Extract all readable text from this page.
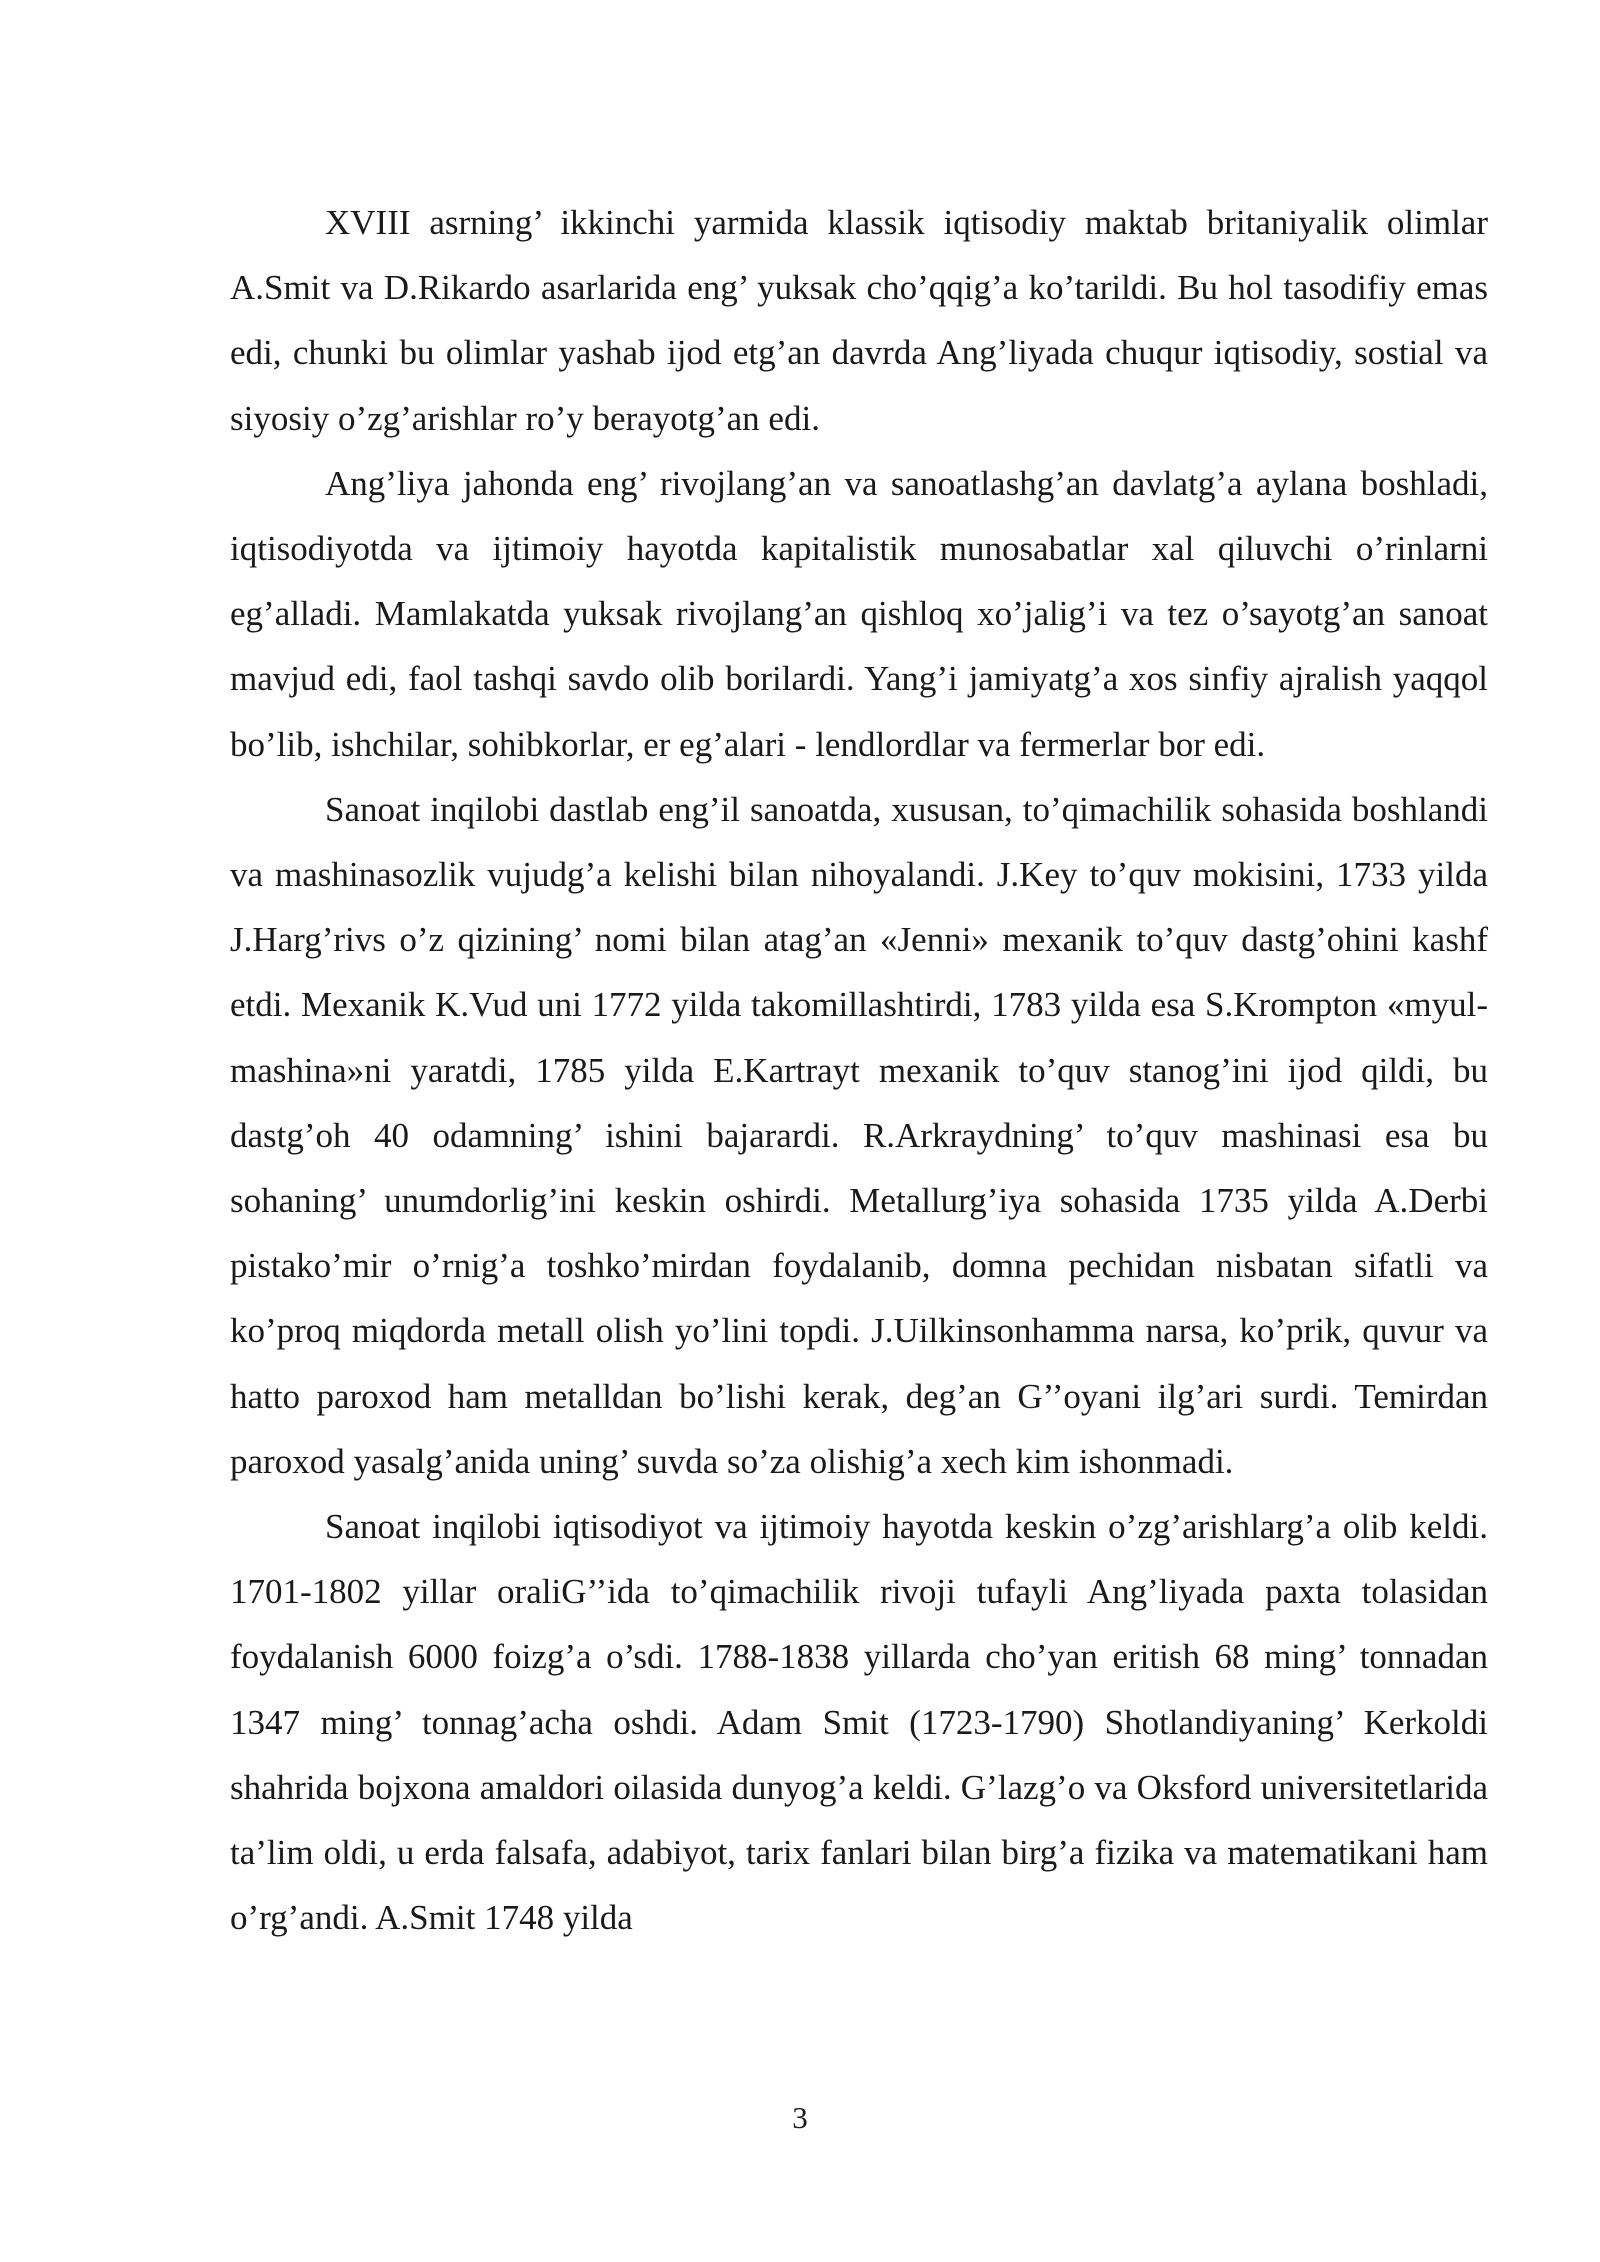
XVIII asrning’ ikkinchi yarmida klassik iqtisodiy maktab britaniyalik olimlar A.Smit va D.Rikardo asarlarida eng’ yuksak cho’qqig’a ko’tarildi. Bu hol tasodifiy emas edi, chunki bu olimlar yashab ijod etg’an davrda Ang’liyada chuqur iqtisodiy, sostial va siyosiy o’zg’arishlar ro’y berayotg’an edi.

Ang’liya jahonda eng’ rivojlang’an va sanoatlashg’an davlatg’a aylana boshladi, iqtisodiyotda va ijtimoiy hayotda kapitalistik munosabatlar xal qiluvchi o’rinlarni eg’alladi. Mamlakatda yuksak rivojlang’an qishloq xo’jalig’i va tez o’sayotg’an sanoat mavjud edi, faol tashqi savdo olib borilardi. Yang’i jamiyatg’a xos sinfiy ajralish yaqqol bo’lib, ishchilar, sohibkorlar, er eg’alari - lendlordlar va fermerlar bor edi.

Sanoat inqilobi dastlab eng’il sanoatda, xususan, to’qimachilik sohasida boshlandi va mashinasozlik vujudg’a kelishi bilan nihoyalandi. J.Key to’quv mokisini, 1733 yilda J.Harg’rivs o’z qizining’ nomi bilan atag’an «Jenni» mexanik to’quv dastg’ohini kashf etdi. Mexanik K.Vud uni 1772 yilda takomillashtirdi, 1783 yilda esa S.Krompton «myul-mashina»ni yaratdi, 1785 yilda E.Kartrayt mexanik to’quv stanog’ini ijod qildi, bu dastg’oh 40 odamning’ ishini bajarardi. R.Arkraydning’ to’quv mashinasi esa bu sohaning’ unumdorlig’ini keskin oshirdi. Metallurg’iya sohasida 1735 yilda A.Derbi pistako’mir o’rnig’a toshko’mirdan foydalanib, domna pechidan nisbatan sifatli va ko’proq miqdorda metall olish yo’lini topdi. J.Uilkinsonhamma narsa, ko’prik, quvur va hatto paroxod ham metalldan bo’lishi kerak, deg’an G’’oyani ilg’ari surdi. Temirdan paroxod yasalg’anida uning’ suvda so’za olishig’a xech kim ishonmadi.

Sanoat inqilobi iqtisodiyot va ijtimoiy hayotda keskin o’zg’arishlarg’a olib keldi. 1701-1802 yillar oraliG’’ida to’qimachilik rivoji tufayli Ang’liyada paxta tolasidan foydalanish 6000 foizg’a o’sdi. 1788-1838 yillarda cho’yan eritish 68 ming’ tonnadan 1347 ming’ tonnag’acha oshdi. Adam Smit (1723-1790) Shotlandiyaning’ Kerkoldi shahrida bojxona amaldori oilasida dunyog’a keldi. G’lazg’o va Oksford universitetlarida ta’lim oldi, u erda falsafa, adabiyot, tarix fanlari bilan birg’a fizika va matematikani ham o’rg’andi. A.Smit 1748 yilda

3
